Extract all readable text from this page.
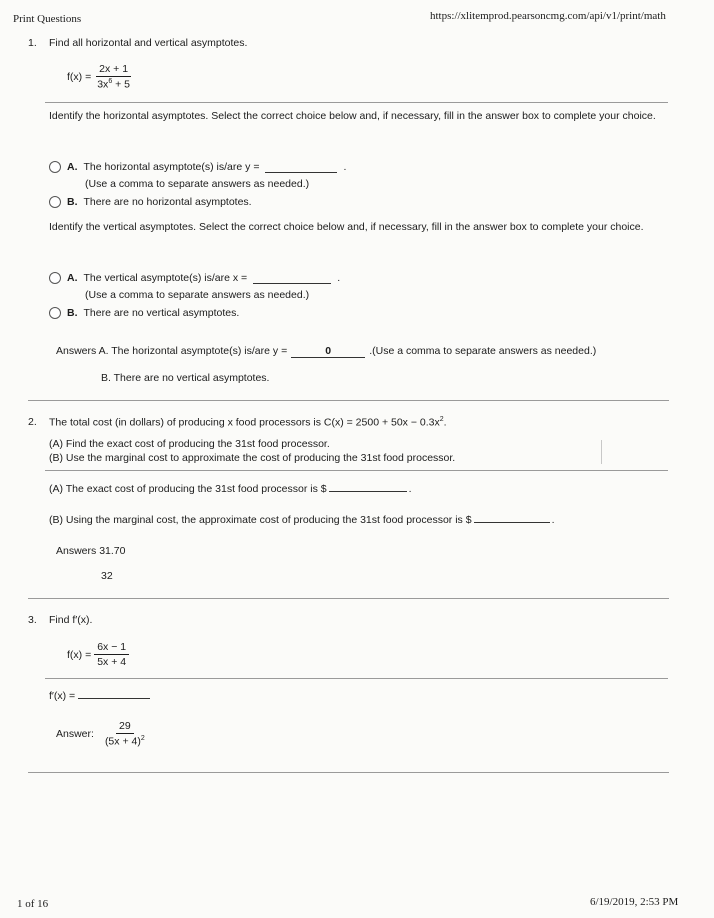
Print Questions	https://xlitemprod.pearsoncmg.com/api/v1/print/math
1. Find all horizontal and vertical asymptotes.
$f(x) = \frac{2x + 1}{3x^6 + 5}$
Identify the horizontal asymptotes. Select the correct choice below and, if necessary, fill in the answer box to complete your choice.
A. The horizontal asymptote(s) is/are y =	.
(Use a comma to separate answers as needed.)
B. There are no horizontal asymptotes.
Identify the vertical asymptotes. Select the correct choice below and, if necessary, fill in the answer box to complete your choice.
A. The vertical asymptote(s) is/are x =	.
(Use a comma to separate answers as needed.)
B. There are no vertical asymptotes.
Answers A. The horizontal asymptote(s) is/are y =	0	.(Use a comma to separate answers as needed.)
B. There are no vertical asymptotes.
2. The total cost (in dollars) of producing x food processors is $C(x) = 2500 + 50x - 0.3x^2$.
(A) Find the exact cost of producing the 31st food processor.
(B) Use the marginal cost to approximate the cost of producing the 31st food processor.
(A) The exact cost of producing the 31st food processor is $	.
(B) Using the marginal cost, the approximate cost of producing the 31st food processor is $	.
Answers 31.70
32
3. Find f′(x).
$f(x) = \frac{6x - 1}{5x + 4}$
f′(x) =
Answer: $\frac{29}{(5x + 4)^2}$
1 of 16	6/19/2019, 2:53 PM
